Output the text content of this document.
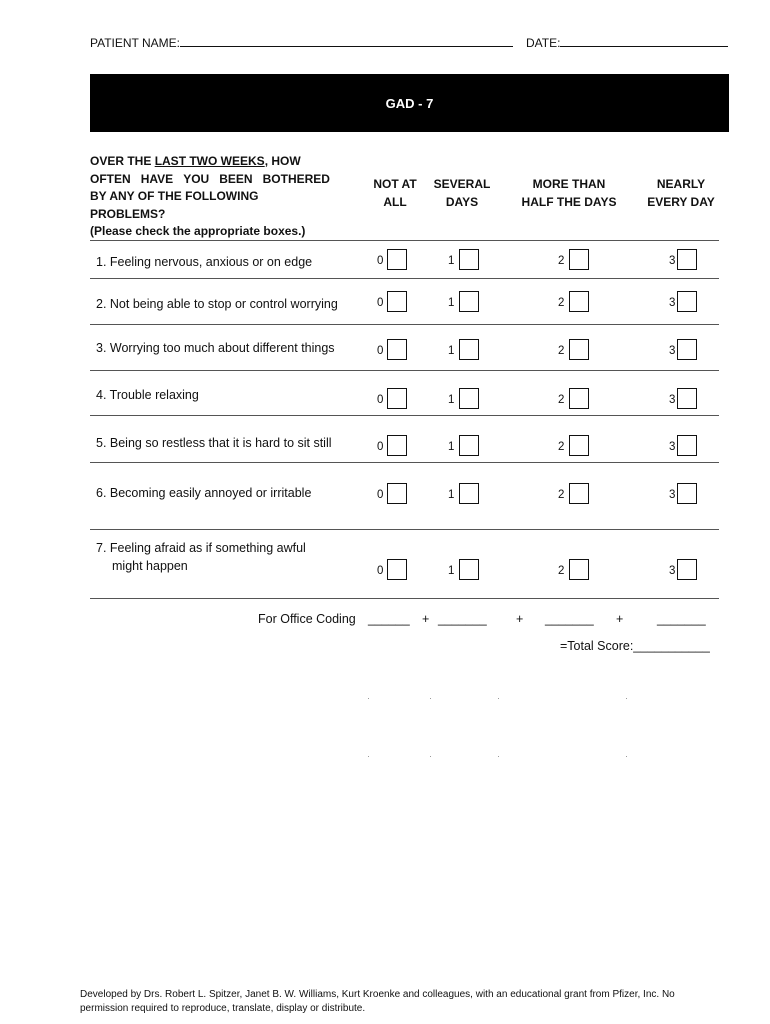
PATIENT NAME:	DATE:
GAD - 7
OVER THE LAST TWO WEEKS, HOW
OFTEN HAVE YOU BEEN BOTHERED
BY ANY OF THE FOLLOWING PROBLEMS?
(Please check the appropriate boxes.)
NOT AT
ALL
SEVERAL
DAYS
MORE THAN
HALF THE DAYS
NEARLY
EVERY DAY
1. Feeling nervous, anxious or on edge	0	1	2	3
2. Not being able to stop or control worrying	0	1	2	3
3. Worrying too much about different things	0	1	2	3
4. Trouble relaxing	0	1	2	3
5. Being so restless that it is hard to sit still	0	1	2	3
6. Becoming easily annoyed or irritable	0	1	2	3
7. Feeling afraid as if something awful
might happen	0	1	2	3
For Office Coding ______ + _______ + _______ +	_______
=Total Score:___________
Developed by Drs. Robert L. Spitzer, Janet B. W. Williams, Kurt Kroenke and colleagues, with an educational grant from Pfizer, Inc. No
permission required to reproduce, translate, display or distribute.
